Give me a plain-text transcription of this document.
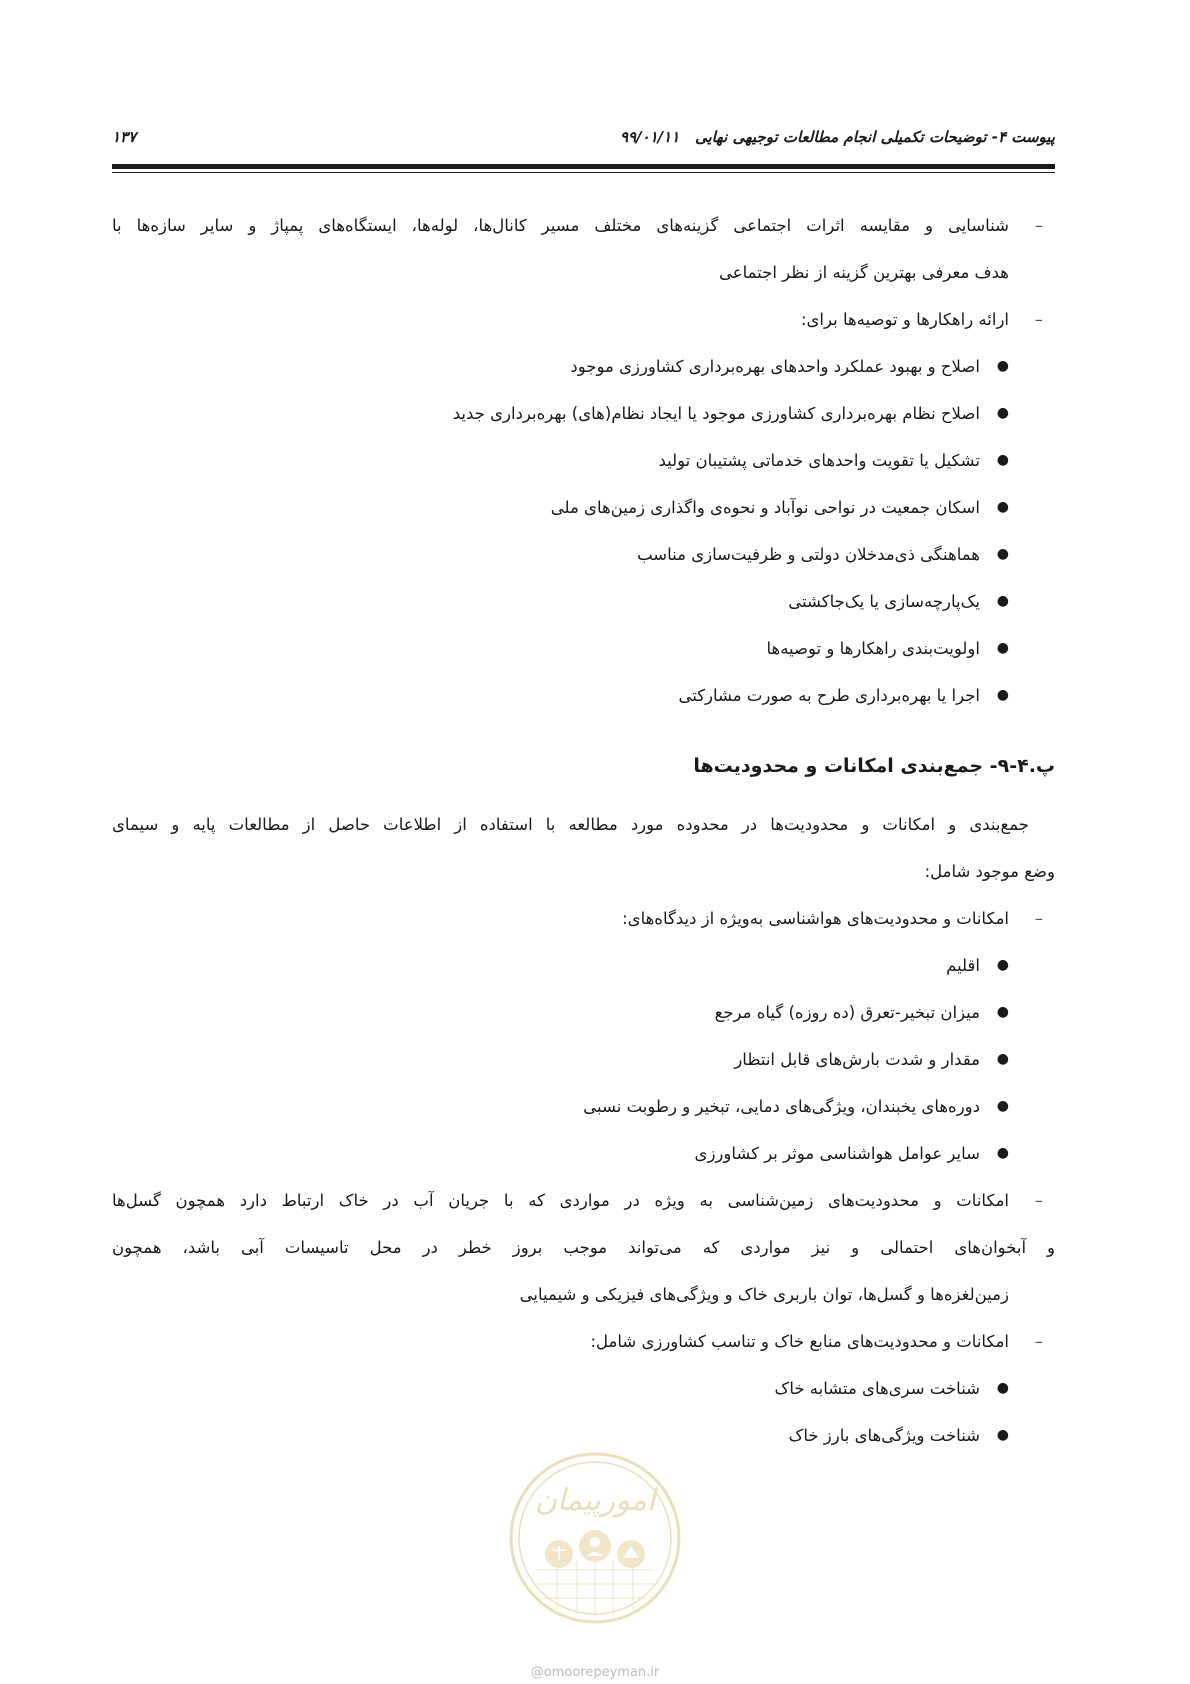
پیوست ۴- توضیحات تکمیلی انجام مطالعات توجیهی نهایی   ۹۹/۰۱/۱۱
۱۳۷
–
شناسایی و مقایسه اثرات اجتماعی گزینه‌های مختلف مسیر کانال‌ها، لوله‌ها، ایستگاه‌های پمپاژ و سایر سازه‌ها با
هدف معرفی بهترین گزینه از نظر اجتماعی
–
ارائه راهکارها و توصیه‌ها برای:
●
اصلاح و بهبود عملکرد واحدهای بهره‌برداری کشاورزی موجود
●
اصلاح نظام بهره‌برداری کشاورزی موجود یا ایجاد نظام(های) بهره‌برداری جدید
●
تشکیل یا تقویت واحدهای خدماتی پشتیبان تولید
●
اسکان جمعیت در نواحی نوآباد و نحوه‌ی واگذاری زمین‌های ملی
●
هماهنگی ذی‌مدخلان دولتی و ظرفیت‌سازی مناسب
●
یک‌پارچه‌سازی یا یک‌جاکشتی
●
اولویت‌بندی راهکارها و توصیه‌ها
●
اجرا یا بهره‌برداری طرح به صورت مشارکتی
پ.۴-۹- جمع‌بندی امکانات و محدودیت‌ها
جمع‌بندی و امکانات و محدودیت‌ها در محدوده مورد مطالعه با استفاده از اطلاعات حاصل از مطالعات پایه و سیمای
وضع موجود شامل:
–
امکانات و محدودیت‌های هواشناسی به‌ویژه از دیدگاه‌های:
●
اقلیم
●
میزان تبخیر-تعرق (ده روزه) گیاه مرجع
●
مقدار و شدت بارش‌های قابل انتظار
●
دوره‌های یخبندان، ویژگی‌های دمایی، تبخیر و رطوبت نسبی
●
سایر عوامل هواشناسی موثر بر کشاورزی
–
امکانات و محدودیت‌های زمین‌شناسی به ویژه در مواردی که با جریان آب در خاک ارتباط دارد همچون گسل‌ها
و آبخوان‌های احتمالی و نیز مواردی که می‌تواند موجب بروز خطر در محل تاسیسات آبی باشد، همچون
زمین‌لغزه‌ها و گسل‌ها، توان باربری خاک و ویژگی‌های فیزیکی و شیمیایی
–
امکانات و محدودیت‌های منابع خاک و تناسب کشاورزی شامل:
●
شناخت سری‌های متشابه خاک
●
شناخت ویژگی‌های بارز خاک
امورپیمان
@omoorepeyman.ir
